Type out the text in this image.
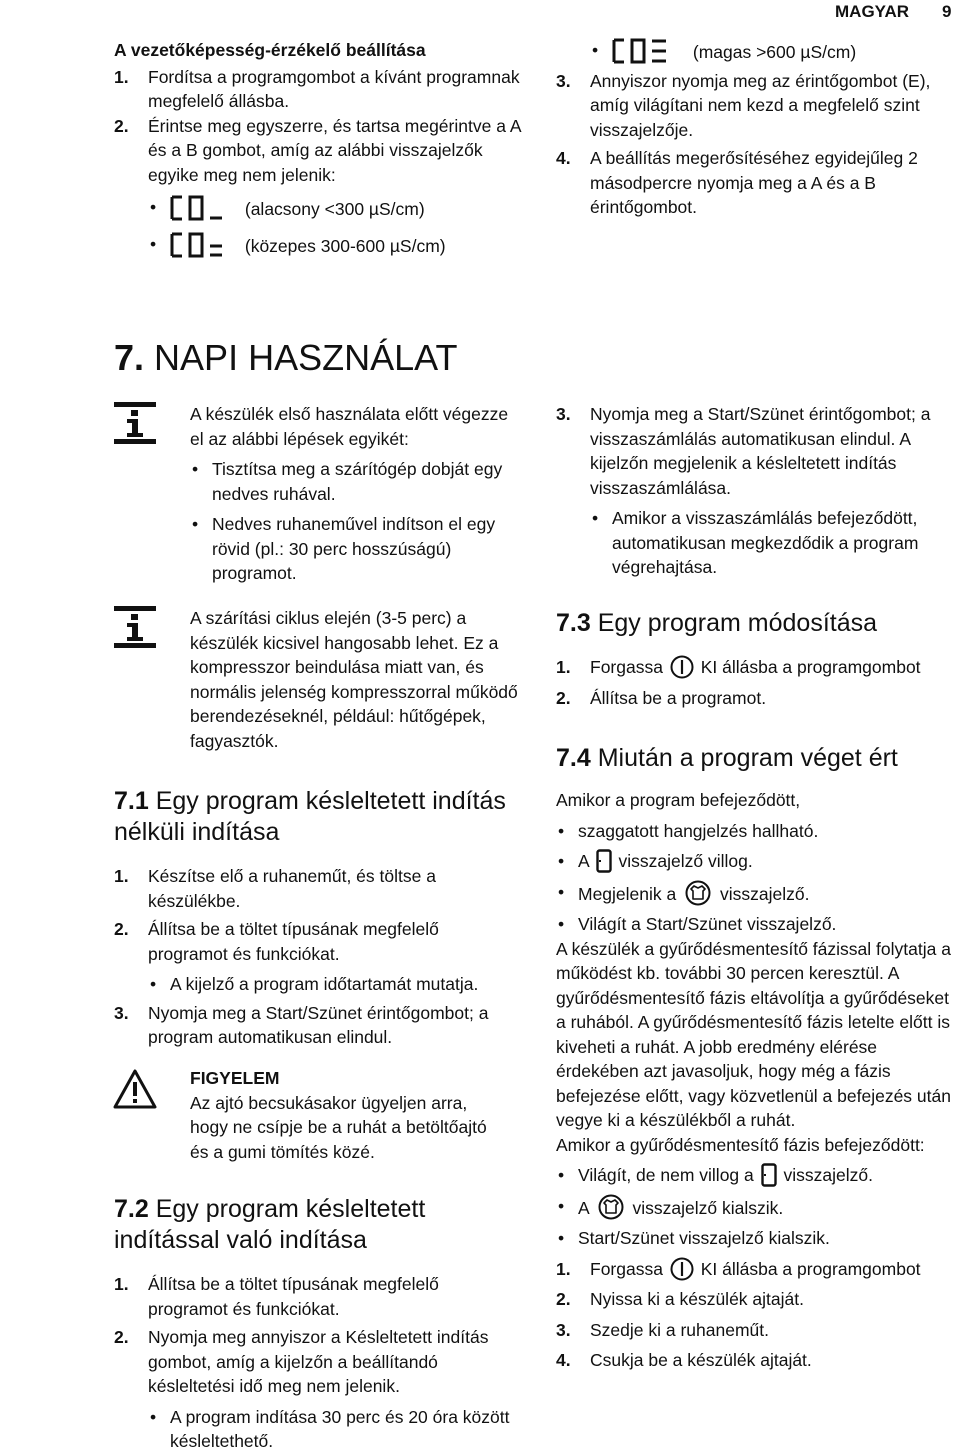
MAGYAR 9

A vezetőképesség-érzékelő beállítása

1.	Fordítsa a programgombot a kívánt programnak megfelelő állásba.
2.	Érintse meg egyszerre, és tartsa megérintve a A és a B gombot, amíg az alábbi visszajelzők egyike meg nem jelenik:
• (alacsony <300 µS/cm)
• (közepes 300-600 µS/cm)
• (magas >600 µS/cm)
3.	Annyiszor nyomja meg az érintőgombot (E), amíg világítani nem kezd a megfelelő szint visszajelzője.
4.	A beállítás megerősítéséhez egyidejűleg 2 másodpercre nyomja meg a A és a B érintőgombot.
7. NAPI HASZNÁLAT

A készülék első használata előtt végezze el az alábbi lépések egyikét:

• Tisztítsa meg a szárítógép dobját egy nedves ruhával.
• Nedves ruhaneművel indítson el egy rövid (pl.: 30 perc hosszúságú) programot.

A szárítási ciklus elején (3-5 perc) a készülék kicsivel hangosabb lehet. Ez a kompresszor beindulása miatt van, és normális jelenség kompresszorral működő berendezéseknél, például: hűtőgépek, fagyasztók.

7.1 Egy program késleltetett indítás nélküli indítása
1.	Készítse elő a ruhaneműt, és töltse a készülékbe.
2.	Állítsa be a töltet típusának megfelelő programot és funkciókat.
• A kijelző a program időtartamát mutatja.
3.	Nyomja meg a Start/Szünet érintőgombot; a program automatikusan elindul.

FIGYELEM

Az ajtó becsukásakor ügyeljen arra, hogy ne csípje be a ruhát a betöltőajtó és a gumi tömítés közé.

7.2 Egy program késleltetett indítással való indítása
1.	Állítsa be a töltet típusának megfelelő programot és funkciókat.
2.	Nyomja meg annyiszor a Késleltetett indítás gombot, amíg a kijelzőn a beállítandó késleltetési idő meg nem jelenik.
• A program indítása 30 perc és 20 óra között késleltethető.
3.	Nyomja meg a Start/Szünet érintőgombot; a visszaszámlálás automatikusan elindul. A kijelzőn megjelenik a késleltetett indítás visszaszámlálása.
• Amikor a visszaszámlálás befejeződött, automatikusan megkezdődik a program végrehajtása.
7.3 Egy program módosítása
1.	Forgassa KI állásba a programgombot
2.	Állítsa be a programot.
7.4 Miután a program véget ért

Amikor a program befejeződött,

• szaggatott hangjelzés hallható.
• A visszajelző villog.
• Megjelenik a	visszajelző.
• Világít a Start/Szünet visszajelző.

A készülék a gyűrődésmentesítő fázissal folytatja a működést kb. további 30 percen keresztül. A gyűrődésmentesítő fázis eltávolítja a gyűrődéseket a ruhából. A gyűrődésmentesítő fázis letelte előtt is kiveheti a ruhát. A jobb eredmény elérése érdekében azt javasoljuk, hogy még a fázis befejezése előtt, vagy közvetlenül a befejezés után vegye ki a készülékből a ruhát.

Amikor a gyűrődésmentesítő fázis befejeződött:

• Világít, de nem villog a visszajelző.
• A	visszajelző kialszik.
• Start/Szünet visszajelző kialszik.
1.	Forgassa KI állásba a programgombot
2.	Nyissa ki a készülék ajtaját.
3.	Szedje ki a ruhaneműt.
4.	Csukja be a készülék ajtaját.
